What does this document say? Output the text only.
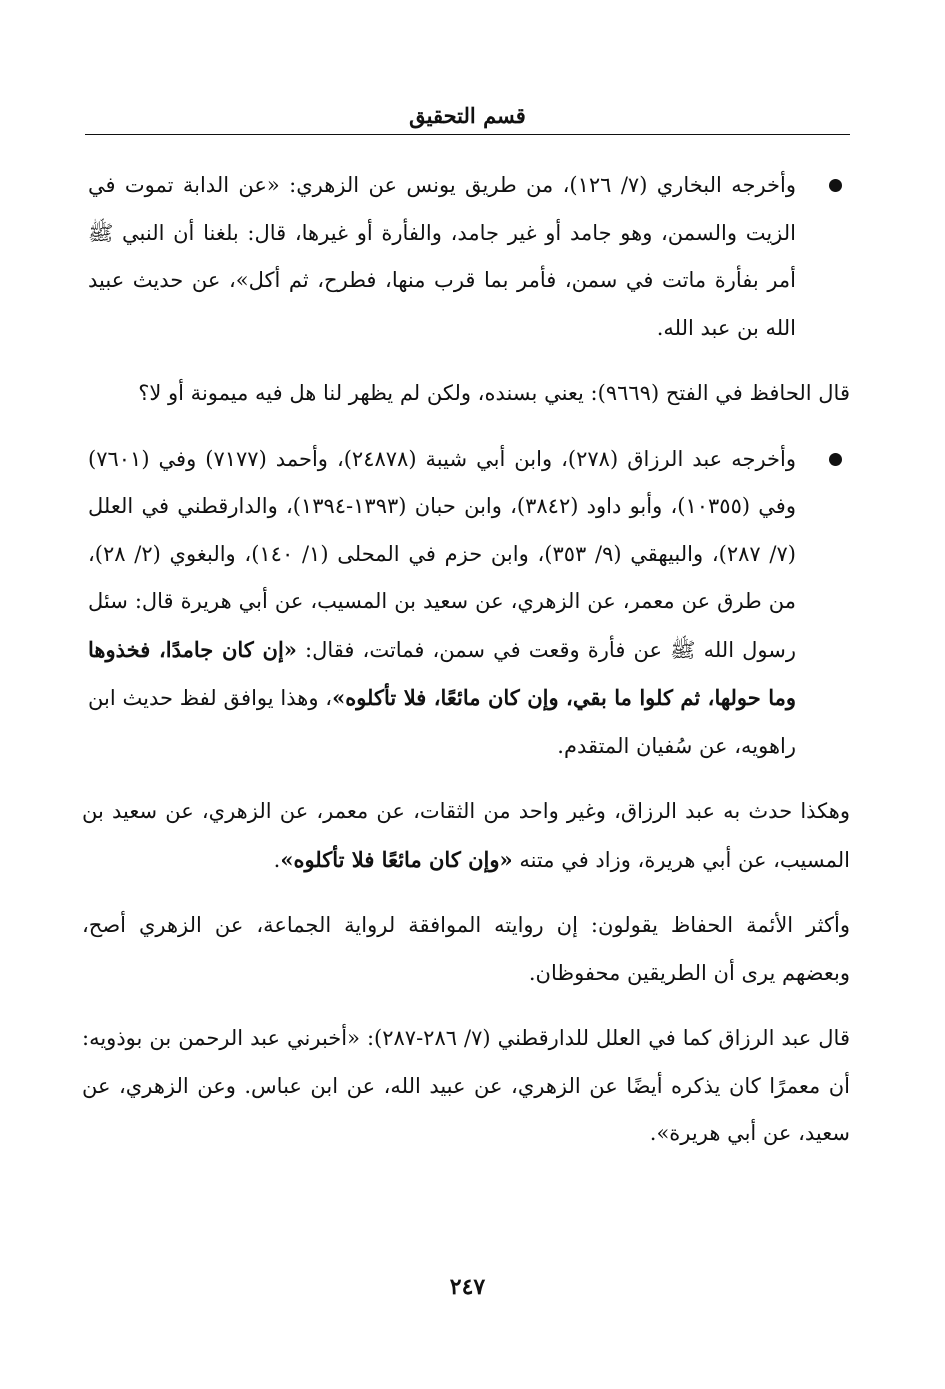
قسم التحقيق

وأخرجه البخاري (٧/ ١٢٦)، من طريق يونس عن الزهري: «عن الدابة تموت في الزيت والسمن، وهو جامد أو غير جامد، والفأرة أو غيرها، قال: بلغنا أن النبي ﷺ أمر بفأرة ماتت في سمن، فأمر بما قرب منها، فطرح، ثم أكل»، عن حديث عبيد الله بن عبد الله.

قال الحافظ في الفتح (٩٦٦٩): يعني بسنده، ولكن لم يظهر لنا هل فيه ميمونة أو لا؟

وأخرجه عبد الرزاق (٢٧٨)، وابن أبي شيبة (٢٤٨٧٨)، وأحمد (٧١٧٧) وفي (٧٦٠١) وفي (١٠٣٥٥)، وأبو داود (٣٨٤٢)، وابن حبان (١٣٩٣-١٣٩٤)، والدارقطني في العلل (٧/ ٢٨٧)، والبيهقي (٩/ ٣٥٣)، وابن حزم في المحلى (١/ ١٤٠)، والبغوي (٢/ ٢٨)، من طرق عن معمر، عن الزهري، عن سعيد بن المسيب، عن أبي هريرة قال: سئل رسول الله ﷺ عن فأرة وقعت في سمن، فماتت، فقال: «إن كان جامدًا، فخذوها وما حولها، ثم كلوا ما بقي، وإن كان مائعًا، فلا تأكلوه»، وهذا يوافق لفظ حديث ابن راهويه، عن سُفيان المتقدم.

وهكذا حدث به عبد الرزاق، وغير واحد من الثقات، عن معمر، عن الزهري، عن سعيد بن المسيب، عن أبي هريرة، وزاد في متنه «وإن كان مائعًا فلا تأكلوه».

وأكثر الأئمة الحفاظ يقولون: إن روايته الموافقة لرواية الجماعة، عن الزهري أصح، وبعضهم يرى أن الطريقين محفوظان.

قال عبد الرزاق كما في العلل للدارقطني (٧/ ٢٨٦-٢٨٧): «أخبرني عبد الرحمن بن بوذويه: أن معمرًا كان يذكره أيضًا عن الزهري، عن عبيد الله، عن ابن عباس. وعن الزهري، عن سعيد، عن أبي هريرة».

٢٤٧
